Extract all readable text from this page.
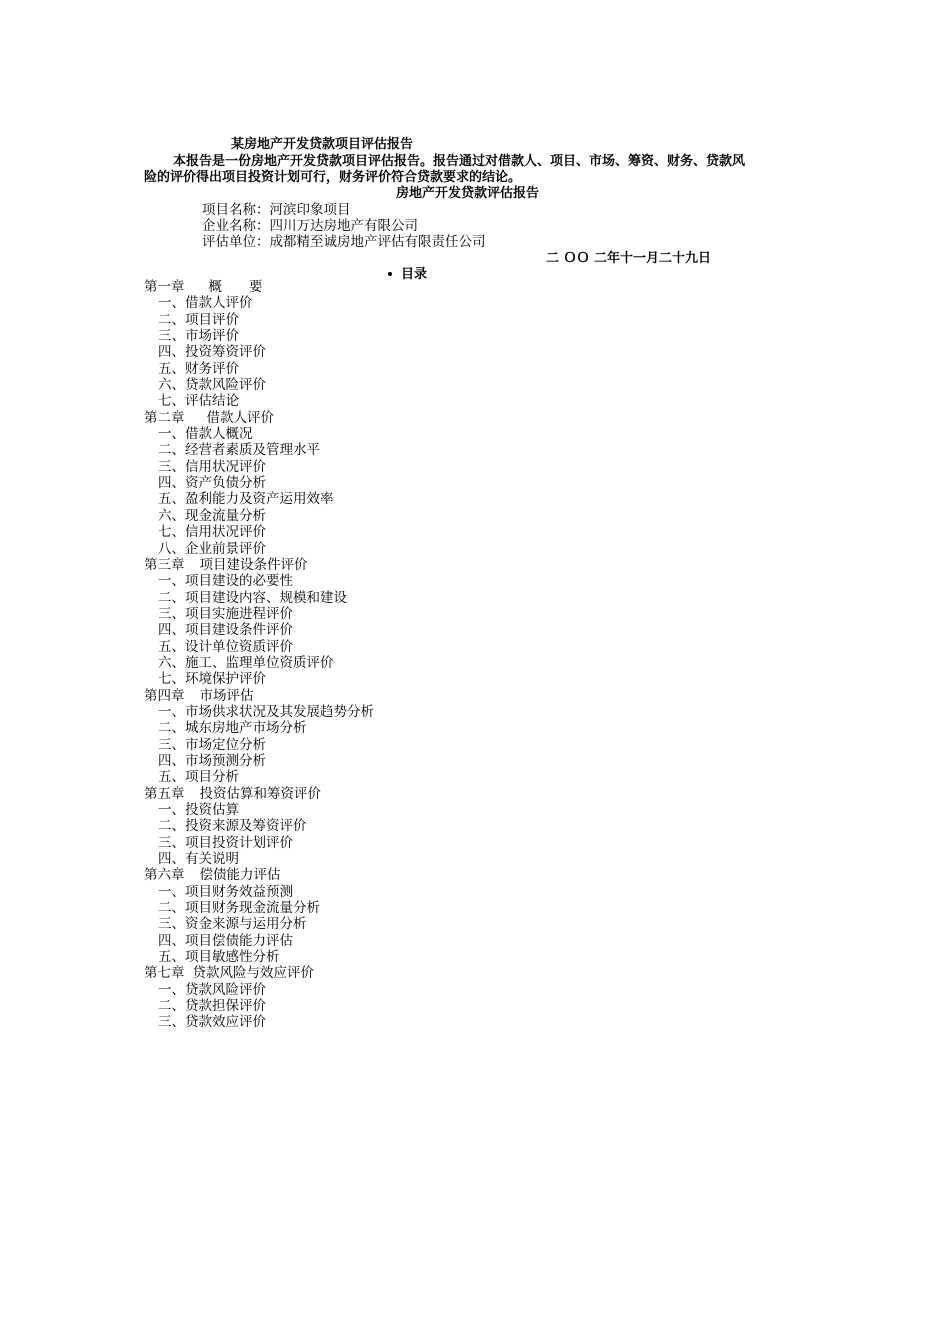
某房地产开发贷款项目评估报告
本报告是一份房地产开发贷款项目评估报告。报告通过对借款人、项目、市场、筹资、财务、贷款风
险的评价得出项目投资计划可行，财务评价符合贷款要求的结论。
房地产开发贷款评估报告
项目名称：河滨印象项目
企业名称：四川万达房地产有限公司
评估单位：成都精至诚房地产评估有限责任公司
二 ＯＯ 二年十一月二十九日
目录
第一章 概　　要
一、借款人评价
二、项目评价
三、市场评价
四、投资筹资评价
五、财务评价
六、贷款风险评价
七、评估结论
第二章 借款人评价
一、借款人概况
二、经营者素质及管理水平
三、信用状况评价
四、资产负债分析
五、盈利能力及资产运用效率
六、现金流量分析
七、信用状况评价
八、企业前景评价
第三章 项目建设条件评价
一、项目建设的必要性
二、项目建设内容、规模和建设
三、项目实施进程评价
四、项目建设条件评价
五、设计单位资质评价
六、施工、监理单位资质评价
七、环境保护评价
第四章 市场评估
一、市场供求状况及其发展趋势分析
二、城东房地产市场分析
三、市场定位分析
四、市场预测分析
五、项目分析
第五章 投资估算和筹资评价
一、投资估算
二、投资来源及筹资评价
三、项目投资计划评价
四、有关说明
第六章 偿债能力评估
一、项目财务效益预测
二、项目财务现金流量分析
三、资金来源与运用分析
四、项目偿债能力评估
五、项目敏感性分析
第七章 贷款风险与效应评价
一、贷款风险评价
二、贷款担保评价
三、贷款效应评价
